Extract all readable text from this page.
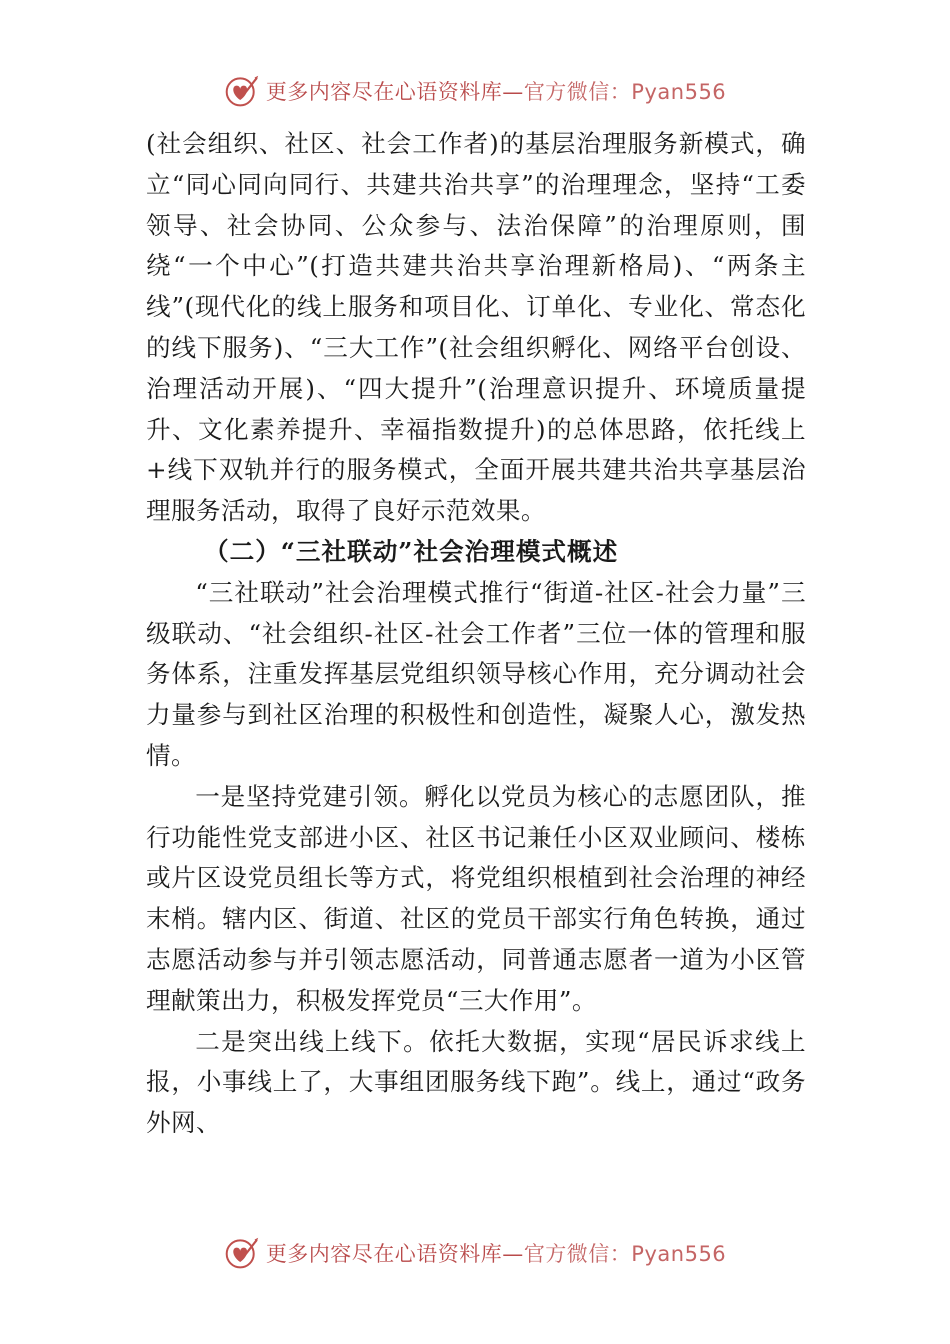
更多内容尽在心语资料库—官方微信：Pyan556

(社会组织、社区、社会工作者)的基层治理服务新模式，确立“同心同向同行、共建共治共享”的治理理念，坚持“工委领导、社会协同、公众参与、法治保障”的治理原则，围绕“一个中心”(打造共建共治共享治理新格局)、“两条主线”(现代化的线上服务和项目化、订单化、专业化、常态化的线下服务)、“三大工作”(社会组织孵化、网络平台创设、治理活动开展)、“四大提升”(治理意识提升、环境质量提升、文化素养提升、幸福指数提升)的总体思路，依托线上+线下双轨并行的服务模式，全面开展共建共治共享基层治理服务活动，取得了良好示范效果。

（二）“三社联动”社会治理模式概述

“三社联动”社会治理模式推行“街道-社区-社会力量”三级联动、“社会组织-社区-社会工作者”三位一体的管理和服务体系，注重发挥基层党组织领导核心作用，充分调动社会力量参与到社区治理的积极性和创造性，凝聚人心，激发热情。

一是坚持党建引领。孵化以党员为核心的志愿团队，推行功能性党支部进小区、社区书记兼任小区双业顾问、楼栋或片区设党员组长等方式，将党组织根植到社会治理的神经末梢。辖内区、街道、社区的党员干部实行角色转换，通过志愿活动参与并引领志愿活动，同普通志愿者一道为小区管理献策出力，积极发挥党员“三大作用”。

二是突出线上线下。依托大数据，实现“居民诉求线上报，小事线上了，大事组团服务线下跑”。线上，通过“政务外网、

更多内容尽在心语资料库—官方微信：Pyan556
